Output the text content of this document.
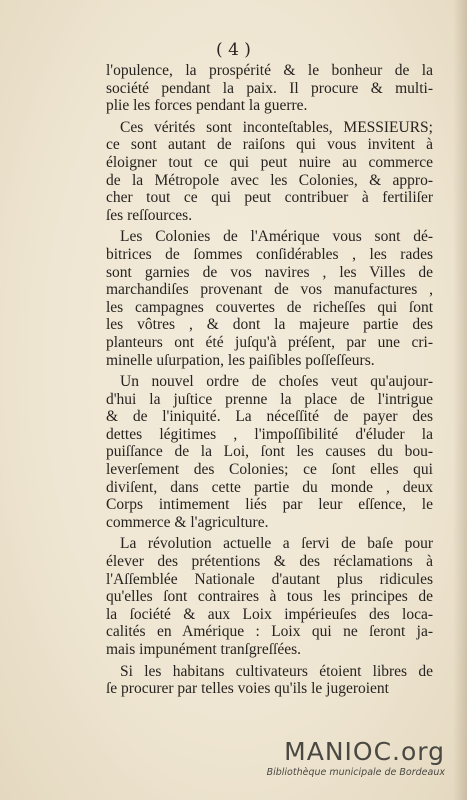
( 4 )
l'opulence, la prospérité & le bonheur de la
société pendant la paix. Il procure & multi-
plie les forces pendant la guerre.
Ces vérités sont inconteſtables, MESSIEURS;
ce sont autant de raiſons qui vous invitent à
éloigner tout ce qui peut nuire au commerce
de la Métropole avec les Colonies, & appro-
cher tout ce qui peut contribuer à fertiliſer
ſes reſſources.
Les Colonies de l'Amérique vous sont dé-
bitrices de ſommes conſidérables , les rades
sont garnies de vos navires , les Villes de
marchandiſes provenant de vos manufactures ,
les campagnes couvertes de richeſſes qui ſont
les vôtres , & dont la majeure partie des
planteurs ont été juſqu'à préſent, par une cri-
minelle uſurpation, les paiſibles poſſeſſeurs.
Un nouvel ordre de choſes veut qu'aujour-
d'hui la juſtice prenne la place de l'intrigue
& de l'iniquité. La néceſſité de payer des
dettes légitimes , l'impoſſibilité d'éluder la
puiſſance de la Loi, ſont les causes du bou-
leverſement des Colonies; ce ſont elles qui
diviſent, dans cette partie du monde , deux
Corps intimement liés par leur eſſence, le
commerce & l'agriculture.
La révolution actuelle a ſervi de baſe pour
élever des prétentions & des réclamations à
l'Aſſemblée Nationale d'autant plus ridicules
qu'elles ſont contraires à tous les principes de
la ſociété & aux Loix impérieuſes des loca-
calités en Amérique : Loix qui ne ſeront ja-
mais impunément tranſgreſſées.
Si les habitans cultivateurs étoient libres de
ſe procurer par telles voies qu'ils le jugeroient
MANIOC.org
Bibliothèque municipale de Bordeaux
